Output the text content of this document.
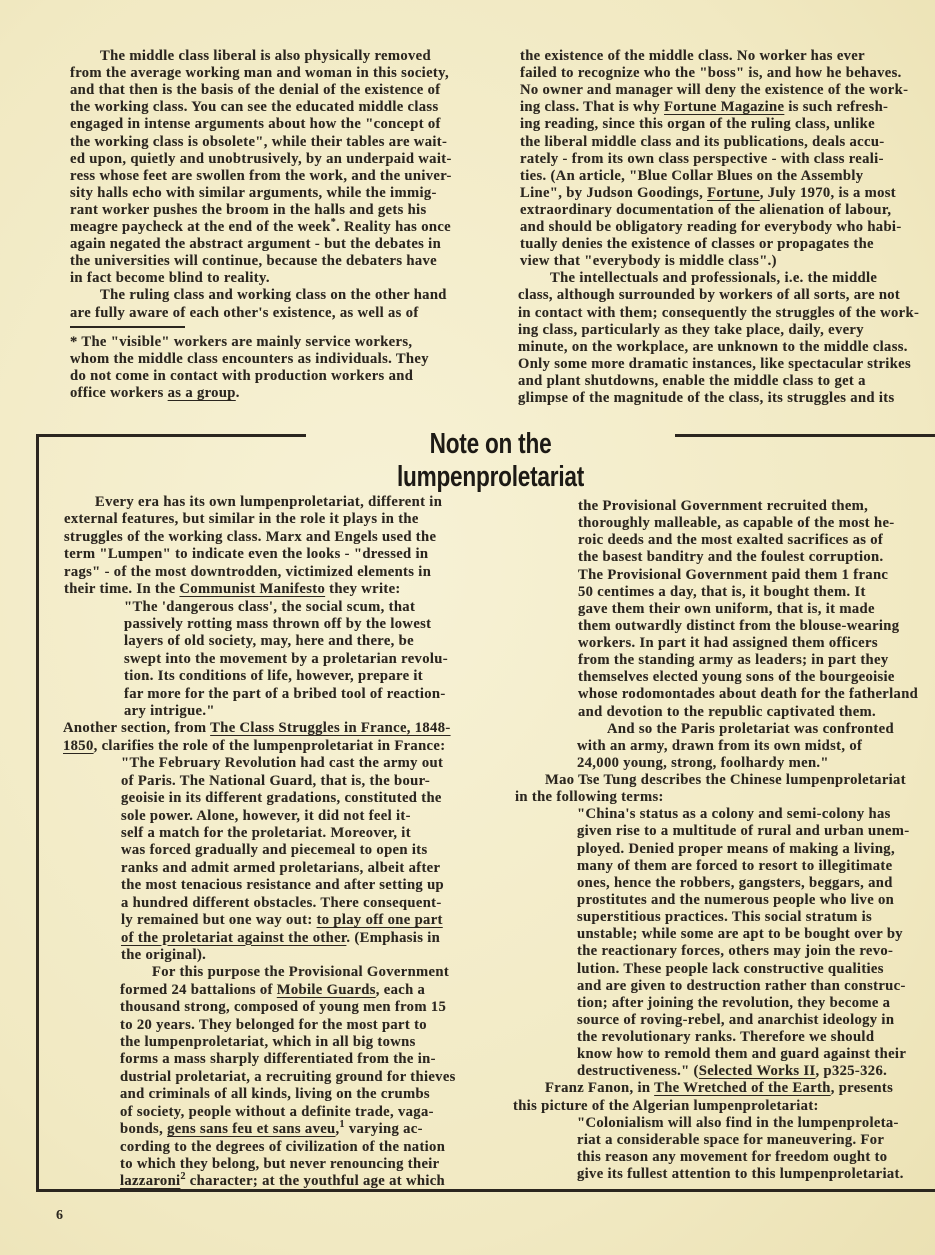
The middle class liberal is also physically removed
from the average working man and woman in this society,
and that then is the basis of the denial of the existence of
the working class. You can see the educated middle class
engaged in intense arguments about how the "concept of
the working class is obsolete", while their tables are wait-
ed upon, quietly and unobtrusively, by an underpaid wait-
ress whose feet are swollen from the work, and the univer-
sity halls echo with similar arguments, while the immig-
rant worker pushes the broom in the halls and gets his
meagre paycheck at the end of the week*. Reality has once
again negated the abstract argument - but the debates in
the universities will continue, because the debaters have
in fact become blind to reality.
The ruling class and working class on the other hand
are fully aware of each other's existence, as well as of
the existence of the middle class. No worker has ever
failed to recognize who the "boss" is, and how he behaves.
No owner and manager will deny the existence of the work-
ing class. That is why Fortune Magazine is such refresh-
ing reading, since this organ of the ruling class, unlike
the liberal middle class and its publications, deals accu-
rately - from its own class perspective - with class reali-
ties. (An article, "Blue Collar Blues on the Assembly
Line", by Judson Goodings, Fortune, July 1970, is a most
extraordinary documentation of the alienation of labour,
and should be obligatory reading for everybody who habi-
tually denies the existence of classes or propagates the
view that "everybody is middle class".)
The intellectuals and professionals, i.e. the middle
class, although surrounded by workers of all sorts, are not
in contact with them; consequently the struggles of the work-
ing class, particularly as they take place, daily, every
minute, on the workplace, are unknown to the middle class.
Only some more dramatic instances, like spectacular strikes
and plant shutdowns, enable the middle class to get a
glimpse of the magnitude of the class, its struggles and its
* The "visible" workers are mainly service workers,
whom the middle class encounters as individuals. They
do not come in contact with production workers and
office workers as a group.
Note on the lumpenproletariat
Every era has its own lumpenproletariat, different in
external features, but similar in the role it plays in the
struggles of the working class. Marx and Engels used the
term "Lumpen" to indicate even the looks - "dressed in
rags" - of the most downtrodden, victimized elements in
their time. In the Communist Manifesto they write:
"The 'dangerous class', the social scum, that
passively rotting mass thrown off by the lowest
layers of old society, may, here and there, be
swept into the movement by a proletarian revolu-
tion. Its conditions of life, however, prepare it
far more for the part of a bribed tool of reaction-
ary intrigue."
Another section, from The Class Struggles in France, 1848-
1850, clarifies the role of the lumpenproletariat in France:
"The February Revolution had cast the army out
of Paris. The National Guard, that is, the bour-
geoisie in its different gradations, constituted the
sole power. Alone, however, it did not feel it-
self a match for the proletariat. Moreover, it
was forced gradually and piecemeal to open its
ranks and admit armed proletarians, albeit after
the most tenacious resistance and after setting up
a hundred different obstacles. There consequent-
ly remained but one way out: to play off one part
of the proletariat against the other. (Emphasis in
the original).
For this purpose the Provisional Government
formed 24 battalions of Mobile Guards, each a
thousand strong, composed of young men from 15
to 20 years. They belonged for the most part to
the lumpenproletariat, which in all big towns
forms a mass sharply differentiated from the in-
dustrial proletariat, a recruiting ground for thieves
and criminals of all kinds, living on the crumbs
of society, people without a definite trade, vaga-
bonds, gens sans feu et sans aveu,$^1$ varying ac-
cording to the degrees of civilization of the nation
to which they belong, but never renouncing their
lazzaroni$^2$ character; at the youthful age at which
the Provisional Government recruited them,
thoroughly malleable, as capable of the most he-
roic deeds and the most exalted sacrifices as of
the basest banditry and the foulest corruption.
The Provisional Government paid them 1 franc
50 centimes a day, that is, it bought them. It
gave them their own uniform, that is, it made
them outwardly distinct from the blouse-wearing
workers. In part it had assigned them officers
from the standing army as leaders; in part they
themselves elected young sons of the bourgeoisie
whose rodomontades about death for the fatherland
and devotion to the republic captivated them.
And so the Paris proletariat was confronted
with an army, drawn from its own midst, of
24,000 young, strong, foolhardy men."
Mao Tse Tung describes the Chinese lumpenproletariat
in the following terms:
"China's status as a colony and semi-colony has
given rise to a multitude of rural and urban unem-
ployed. Denied proper means of making a living,
many of them are forced to resort to illegitimate
ones, hence the robbers, gangsters, beggars, and
prostitutes and the numerous people who live on
superstitious practices. This social stratum is
unstable; while some are apt to be bought over by
the reactionary forces, others may join the revo-
lution. These people lack constructive qualities
and are given to destruction rather than construc-
tion; after joining the revolution, they become a
source of roving-rebel, and anarchist ideology in
the revolutionary ranks. Therefore we should
know how to remold them and guard against their
destructiveness." (Selected Works II, p325-326.
Franz Fanon, in The Wretched of the Earth, presents
this picture of the Algerian lumpenproletariat:
"Colonialism will also find in the lumpenproleta-
riat a considerable space for maneuvering. For
this reason any movement for freedom ought to
give its fullest attention to this lumpenproletariat.
6
